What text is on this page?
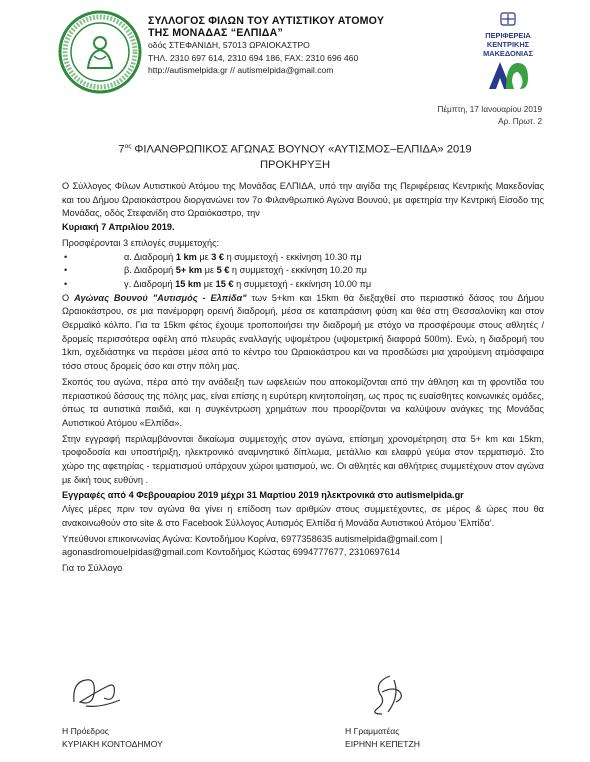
ΣΥΛΛΟΓΟΣ ΦΙΛΩΝ ΤΟΥ ΑΥΤΙΣΤΙΚΟΥ ΑΤΟΜΟΥ
ΤΗΣ ΜΟΝΑΔΑΣ “ΕΛΠΙΔΑ”
οδός ΣΤΕΦΑΝΙΔΗ, 57013 ΩΡΑΙΟΚΑΣΤΡΟ
ΤΗΛ. 2310 697 614, 2310 694 186, FAX: 2310 696 460
http://autismelpida.gr // autismelpida@gmail.com
ΠΕΡΙΦΕΡΕΙΑ
ΚΕΝΤΡΙΚΗΣ
ΜΑΚΕΔΟΝΙΑΣ
Πέμπτη, 17 Ιανουαρίου 2019
Αρ. Πρωτ. 2
$7^{o\varsigma}$ ΦΙΛΑΝΘΡΩΠΙΚΟΣ ΑΓΩΝΑΣ ΒΟΥΝΟΥ «ΑΥΤΙΣΜΟΣ–ΕΛΠΙΔΑ» 2019
ΠΡΟΚΗΡΥΞΗ

Ο Σύλλογος Φίλων Αυτιστικού Ατόμου της Μονάδας ΕΛΠΙΔΑ, υπό την αιγίδα της Περιφέρειας Κεντρικής Μακεδονίας και του Δήμου Ωραιοκάστρου διοργανώνει τον 7ο Φιλανθρωπικό Αγώνα Βουνού, με αφετηρία την Κεντρική Είσοδο της Μονάδας, οδός Στεφανίδη στο Ωραιόκαστρο, την
Κυριακή 7 Απριλίου 2019.

Προσφέρονται 3 επιλογές συμμετοχής:

•	α. Διαδρομή 1 km με 3 € η συμμετοχή - εκκίνηση 10.30 πμ
•	β. Διαδρομή 5+ km με 5 € η συμμετοχή - εκκίνηση 10.20 πμ
•	γ. Διαδρομή 15 km με 15 € η συμμετοχή - εκκίνηση 10.00 πμ

Ο Αγώνας Βουνού "Αυτισμός - Ελπίδα" των 5+km και 15km θα διεξαχθεί στο περιαστικό δάσος του Δήμου Ωραιοκάστρου, σε μια πανέμορφη ορεινή διαδρομή, μέσα σε καταπράσινη φύση και θέα στη Θεσσαλονίκη και στον Θερμαϊκό κόλπο. Για τα 15km φέτος έχουμε τροποποιήσει την διαδρομή με στόχο να προσφέρουμε στους αθλητές / δρομείς περισσότερα οφέλη από πλευράς εναλλαγής υψομέτρου (υψομετρική διαφορά 500m). Ενώ, η διαδρομή του 1km, σχεδιάστηκε να περάσει μέσα από το κέντρο του Ωραιοκάστρου και να προσδώσει μια χαρούμενη ατμόσφαιρα τόσο στους δρομείς όσο και στην πόλη μας.

Σκοπός του αγώνα, πέρα από την ανάδειξη των ωφελειών που αποκομίζονται από την άθληση και τη φροντίδα του περιαστικού δάσους της πόλης μας, είναι επίσης η ευρύτερη κινητοποίηση, ως προς τις ευαίσθητες κοινωνικές ομάδες, όπως τα αυτιστικά παιδιά, και η συγκέντρωση χρημάτων που προορίζονται να καλύψουν ανάγκες της Μονάδας Αυτιστικού Ατόμου «Ελπίδα».

Στην εγγραφή περιλαμβάνονται δικαίωμα συμμετοχής στον αγώνα, επίσημη χρονομέτρηση στα 5+ km και 15km, τροφοδοσία και υποστήριξη, ηλεκτρονικό αναμνηστικό δίπλωμα, μετάλλιο και ελαφρύ γεύμα στον τερματισμό. Στο χώρο της αφετηρίας - τερματισμού υπάρχουν χώροι ιματισμού, wc. Οι αθλητές και αθλήτριες συμμετέχουν στον αγώνα με δική τους ευθύνη .

Εγγραφές από 4 Φεβρουαρίου 2019 μέχρι 31 Μαρτίου 2019 ηλεκτρονικά στο autismelpida.gr

Λίγες μέρες πριν τον αγώνα θα γίνει η επίδοση των αριθμών στους συμμετέχοντες, σε μέρος & ώρες που θα ανακοινωθούν στο site & στο Facebook Σύλλογος Αυτισμός Ελπίδα ή Μονάδα Αυτιστικού Ατόμου 'Ελπίδα'.

Υπεύθυνοι επικοινωνίας Αγώνα: Κοντοδήμου Κορίνα, 6977358635 autismelpida@gmail.com |

agonasdromouelpidas@gmail.com Κοντοδήμος Κώστας 6994777677, 2310697614

Για το Σύλλογο

Η Πρόεδρος
ΚΥΡΙΑΚΗ ΚΟΝΤΟΔΗΜΟΥ
Η Γραμματέας
ΕΙΡΗΝΗ ΚΕΠΕΤΖΗ
